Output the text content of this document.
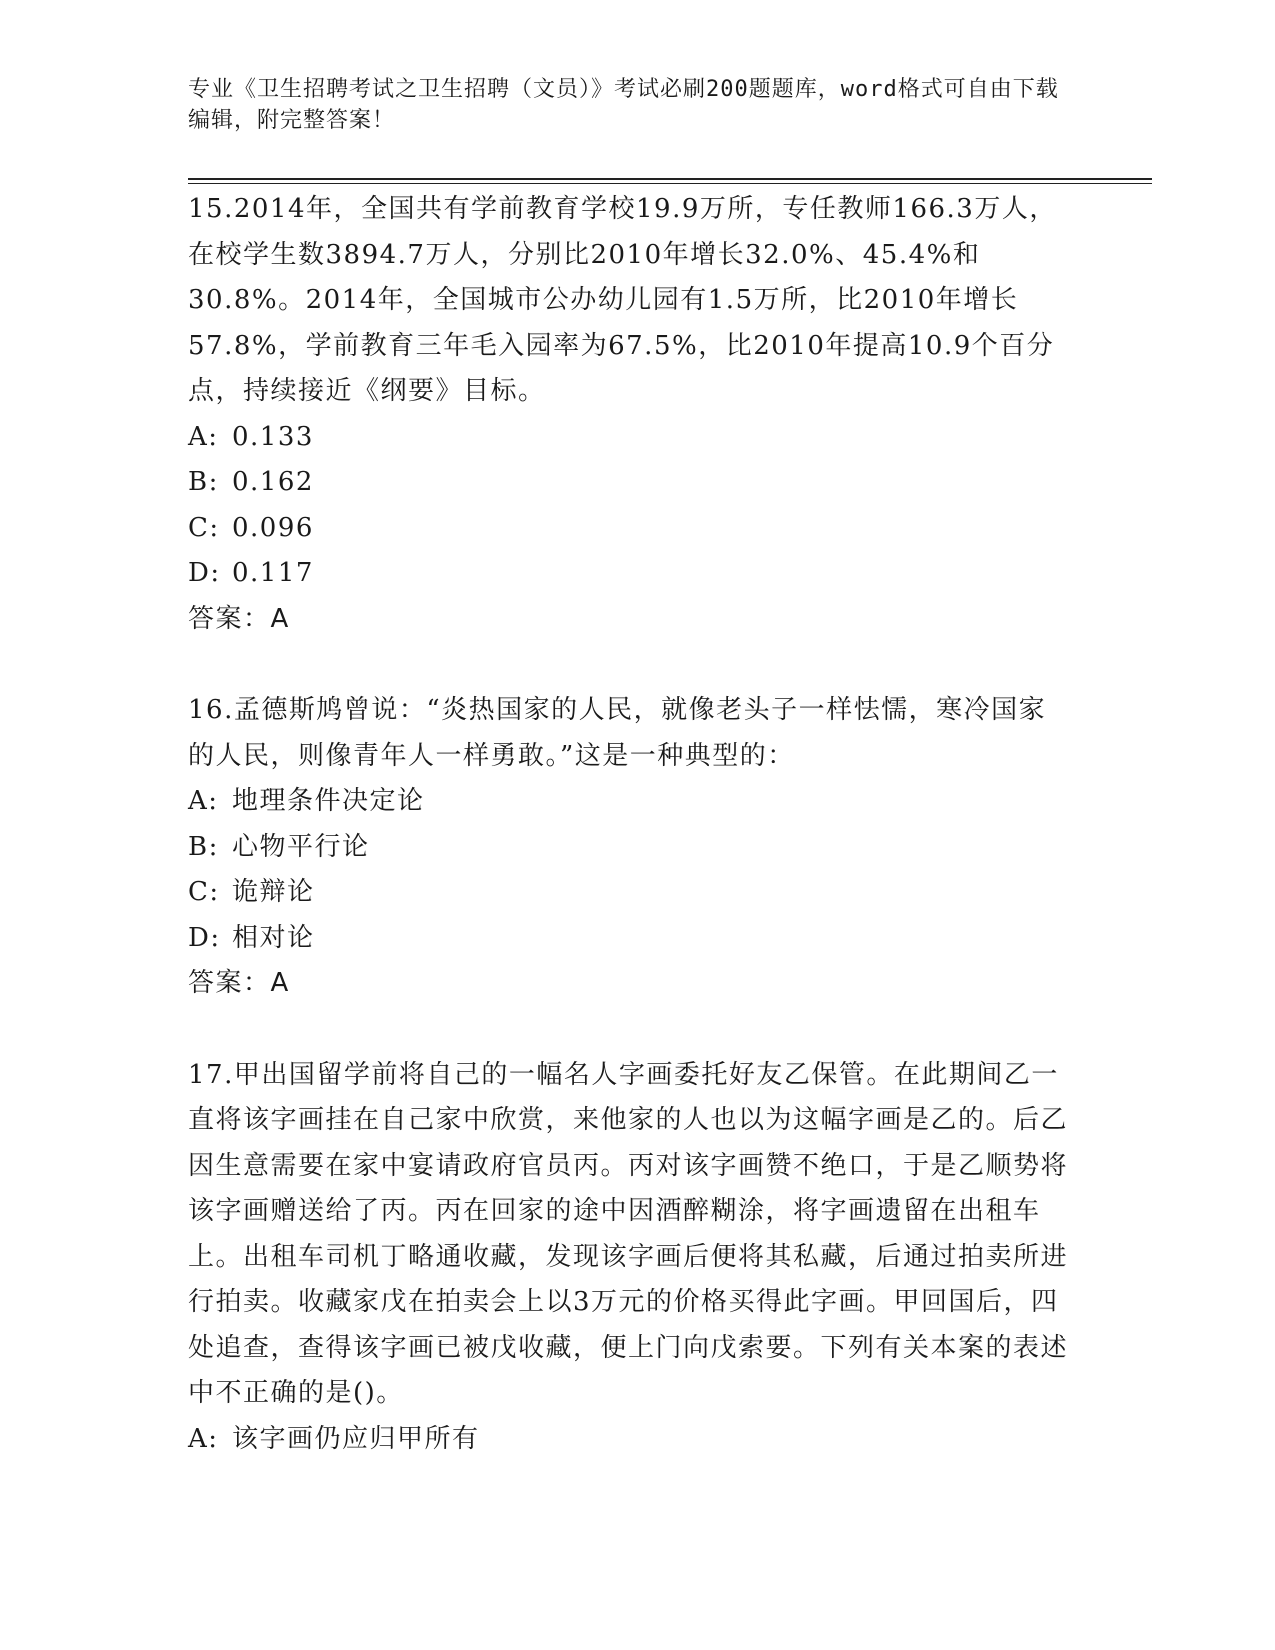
专业《卫生招聘考试之卫生招聘（文员）》考试必刷200题题库，word格式可自由下载编辑，附完整答案！

15.2014年，全国共有学前教育学校19.9万所，专任教师166.3万人，在校学生数3894.7万人，分别比2010年增长32.0%、45.4%和30.8%。2014年，全国城市公办幼儿园有1.5万所，比2010年增长57.8%，学前教育三年毛入园率为67.5%，比2010年提高10.9个百分点，持续接近《纲要》目标。

A: 0.133

B: 0.162

C: 0.096

D: 0.117

答案：A

16.孟德斯鸠曾说：“炎热国家的人民，就像老头子一样怯懦，寒冷国家的人民，则像青年人一样勇敢。”这是一种典型的：

A: 地理条件决定论

B: 心物平行论

C: 诡辩论

D: 相对论

答案：A

17.甲出国留学前将自己的一幅名人字画委托好友乙保管。在此期间乙一直将该字画挂在自己家中欣赏，来他家的人也以为这幅字画是乙的。后乙因生意需要在家中宴请政府官员丙。丙对该字画赞不绝口，于是乙顺势将该字画赠送给了丙。丙在回家的途中因酒醉糊涂，将字画遗留在出租车上。出租车司机丁略通收藏，发现该字画后便将其私藏，后通过拍卖所进行拍卖。收藏家戊在拍卖会上以3万元的价格买得此字画。甲回国后，四处追查，查得该字画已被戊收藏，便上门向戊索要。下列有关本案的表述中不正确的是()。

A: 该字画仍应归甲所有
